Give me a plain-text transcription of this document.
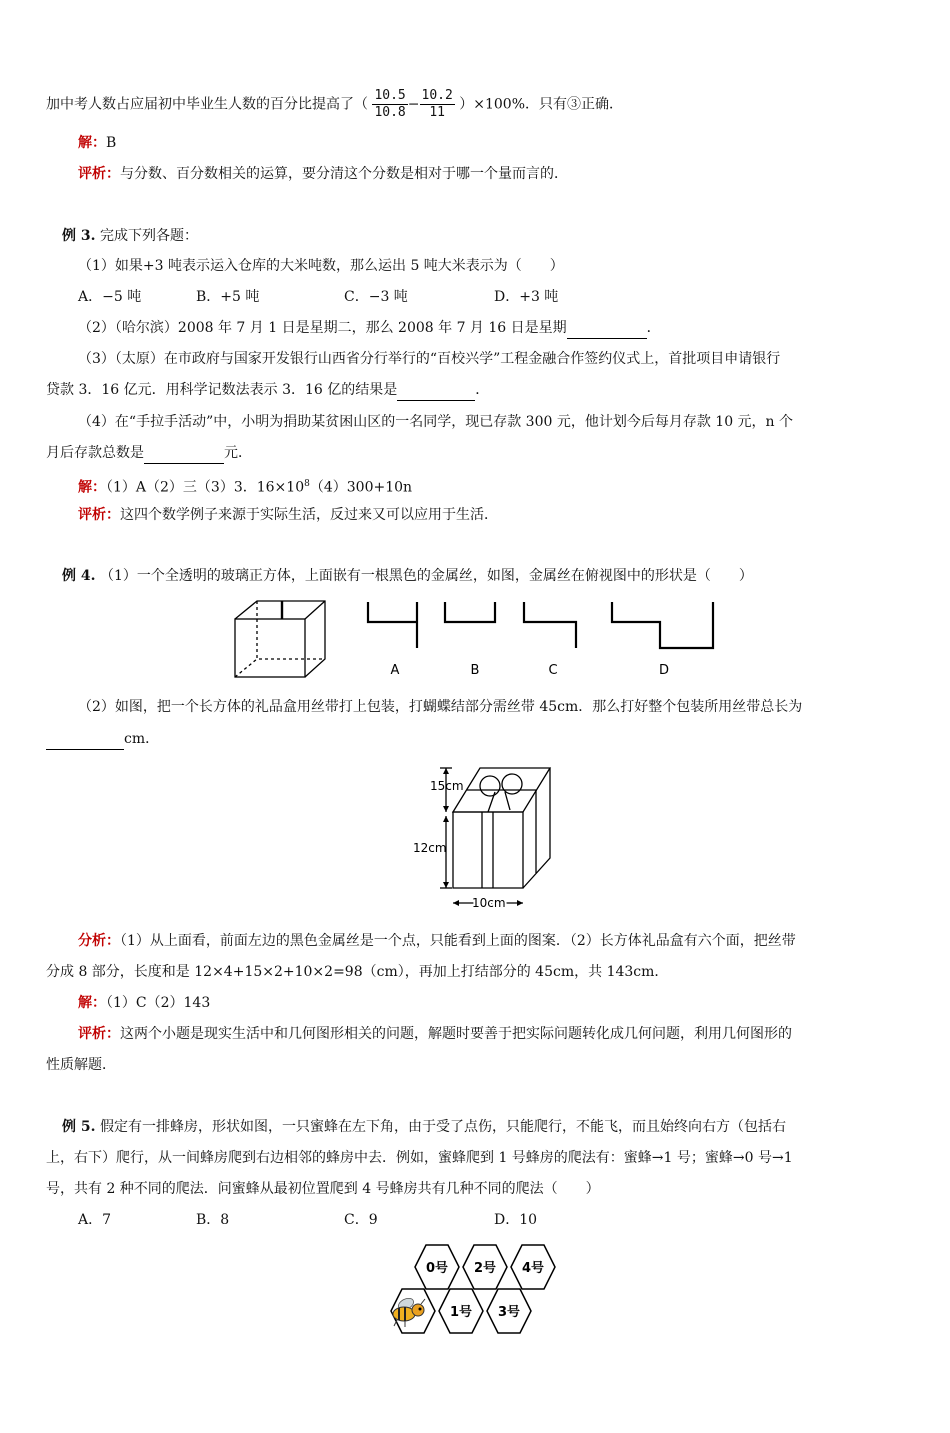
加中考人数占应届初中毕业生人数的百分比提高了（ $\frac{10.5}{10.8} - \frac{10.2}{11} )\times 100\%$．只有③正确．
解：B
评析：与分数、百分数相关的运算，要分清这个分数是相对于哪一个量而言的．
例 3. 完成下列各题：
（1）如果+3 吨表示运入仓库的大米吨数，那么运出 5 吨大米表示为（　　）
A．−5 吨	B．+5 吨	C．−3 吨	D．+3 吨
（2）（哈尔滨）2008 年 7 月 1 日是星期二，那么 2008 年 7 月 16 日是星期	．
（3）（太原）在市政府与国家开发银行山西省分行举行的“百校兴学”工程金融合作签约仪式上，首批项目申请银行
贷款 3．16 亿元．用科学记数法表示 3．16 亿的结果是	．
（4）在“手拉手活动”中，小明为捐助某贫困山区的一名同学，现已存款 300 元，他计划今后每月存款 10 元，n 个
月后存款总数是	元．
解：（1）A（2）三（3）3．$16\times 10^8(4)300+10n$
评析：这四个数学例子来源于实际生活，反过来又可以应用于生活．
例 4. （1）一个全透明的玻璃正方体，上面嵌有一根黑色的金属丝，如图，金属丝在俯视图中的形状是（　　）
A	B	C	D
（2）如图，把一个长方体的礼品盒用丝带打上包装，打蝴蝶结部分需丝带 45cm．那么打好整个包装所用丝带总长为
cm．
15cm
12cm
10cm
分析：（1）从上面看，前面左边的黑色金属丝是一个点，只能看到上面的图案．（2）长方体礼品盒有六个面，把丝带
分成 8 部分，长度和是 12×4+15×2+10×2=98（cm），再加上打结部分的 45cm，共 143cm．
解：（1）C（2）143
评析：这两个小题是现实生活中和几何图形相关的问题，解题时要善于把实际问题转化成几何问题，利用几何图形的
性质解题．
例 5. 假定有一排蜂房，形状如图，一只蜜蜂在左下角，由于受了点伤，只能爬行，不能飞，而且始终向右方（包括右
上，右下）爬行，从一间蜂房爬到右边相邻的蜂房中去．例如，蜜蜂爬到 1 号蜂房的爬法有：蜜蜂→1 号；蜜蜂→0 号→1
号，共有 2 种不同的爬法．问蜜蜂从最初位置爬到 4 号蜂房共有几种不同的爬法（　　）
A．7	B．8	C．9	D．10
0号 2号 4号
1号 3号
